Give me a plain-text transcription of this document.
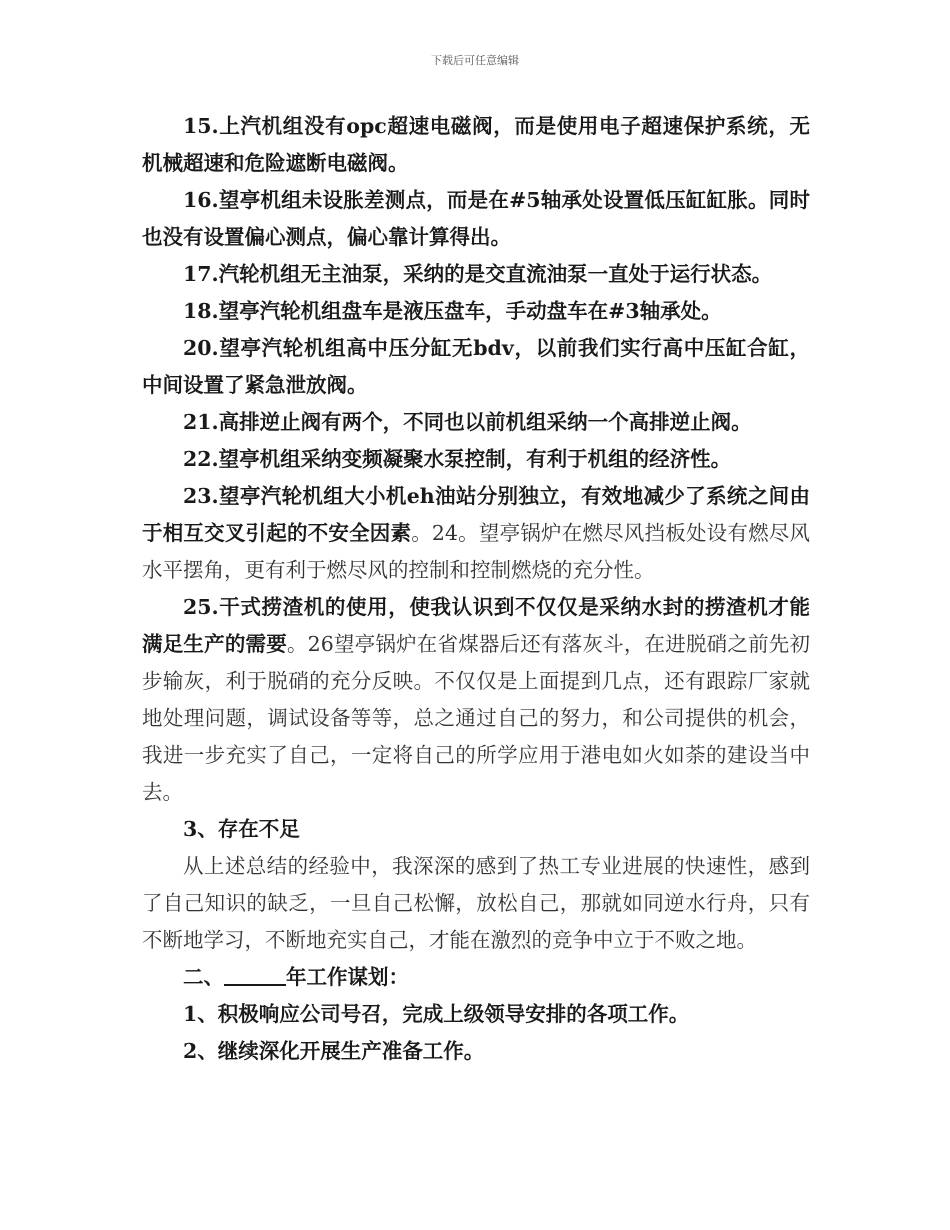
下载后可任意编辑

15.上汽机组没有opc超速电磁阀，而是使用电子超速保护系统，无机械超速和危险遮断电磁阀。

16.望亭机组未设胀差测点，而是在#5轴承处设置低压缸缸胀。同时也没有设置偏心测点，偏心靠计算得出。

17.汽轮机组无主油泵，采纳的是交直流油泵一直处于运行状态。

18.望亭汽轮机组盘车是液压盘车，手动盘车在#3轴承处。

20.望亭汽轮机组高中压分缸无bdv，以前我们实行高中压缸合缸，中间设置了紧急泄放阀。

21.高排逆止阀有两个，不同也以前机组采纳一个高排逆止阀。

22.望亭机组采纳变频凝聚水泵控制，有利于机组的经济性。

23.望亭汽轮机组大小机eh油站分别独立，有效地减少了系统之间由于相互交叉引起的不安全因素。24。望亭锅炉在燃尽风挡板处设有燃尽风水平摆角，更有利于燃尽风的控制和控制燃烧的充分性。

25.干式捞渣机的使用，使我认识到不仅仅是采纳水封的捞渣机才能满足生产的需要。26望亭锅炉在省煤器后还有落灰斗，在进脱硝之前先初步输灰，利于脱硝的充分反映。不仅仅是上面提到几点，还有跟踪厂家就地处理问题，调试设备等等，总之通过自己的努力，和公司提供的机会，我进一步充实了自己，一定将自己的所学应用于港电如火如荼的建设当中去。

3、存在不足

从上述总结的经验中，我深深的感到了热工专业进展的快速性，感到了自己知识的缺乏，一旦自己松懈，放松自己，那就如同逆水行舟，只有不断地学习，不断地充实自己，才能在激烈的竞争中立于不败之地。

二、	年工作谋划：

1、积极响应公司号召，完成上级领导安排的各项工作。

2、继续深化开展生产准备工作。
